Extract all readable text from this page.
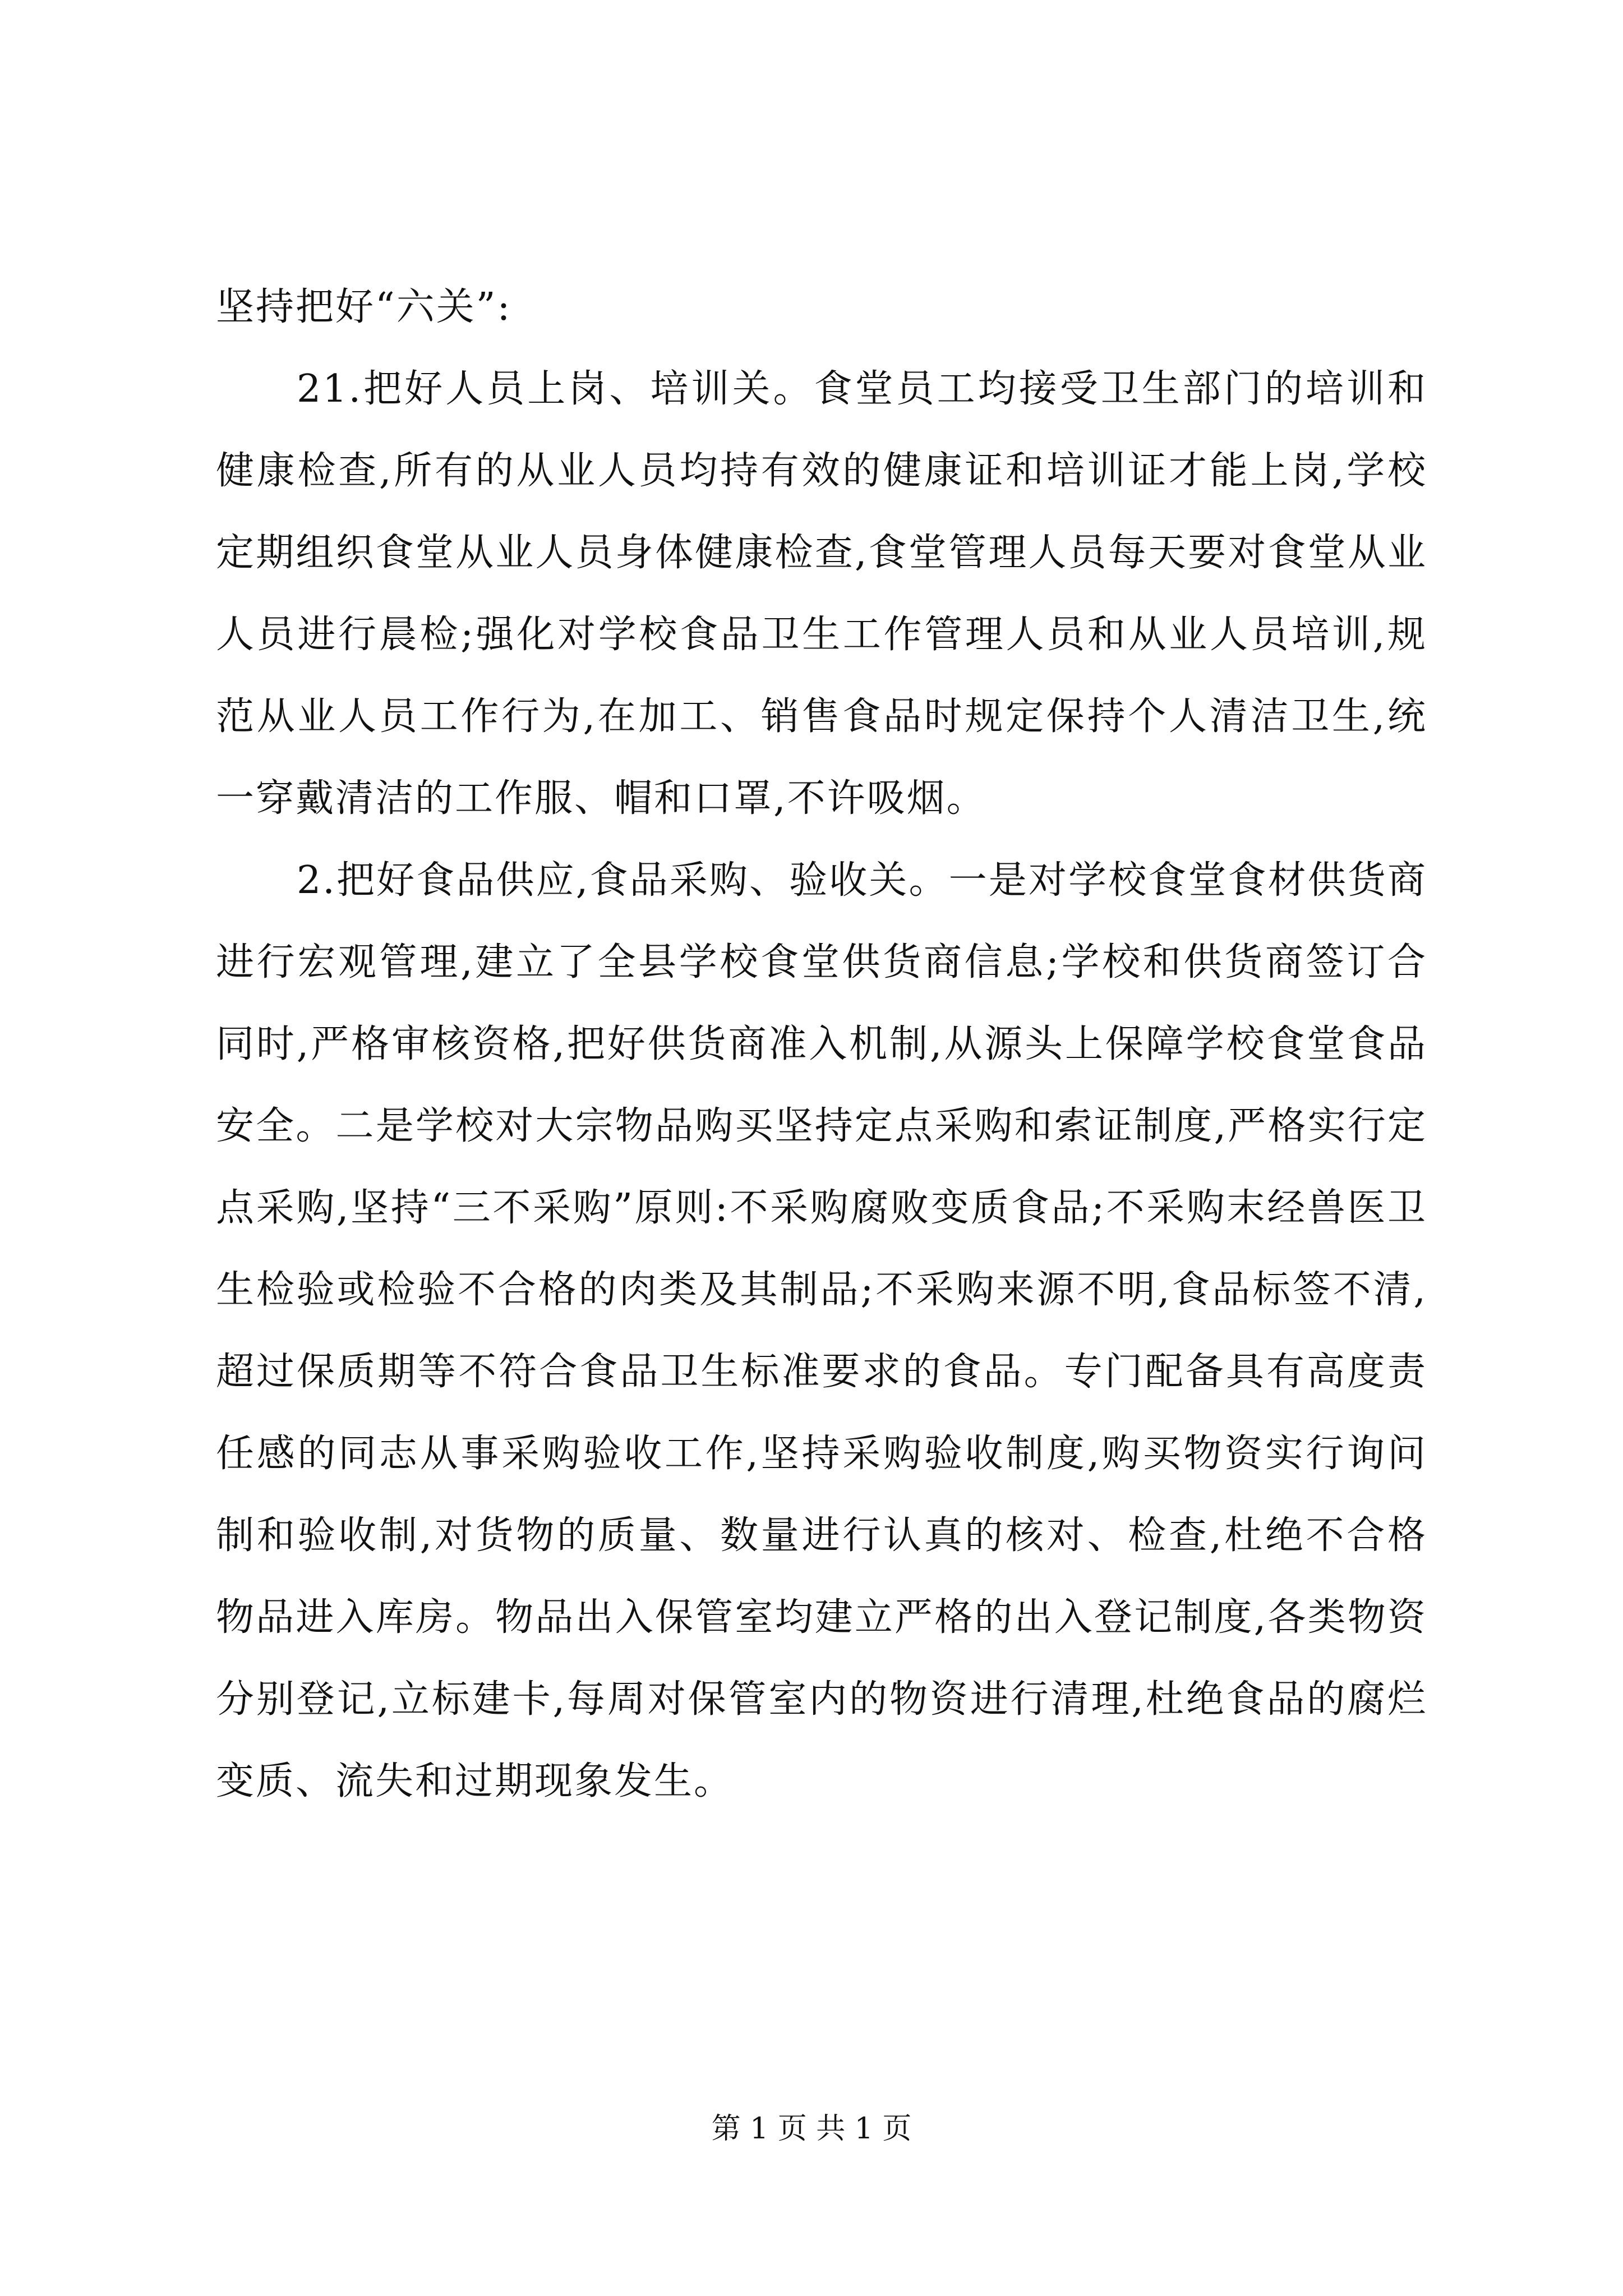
坚持把好“六关”:

21.把好人员上岗、培训关。食堂员工均接受卫生部门的培训和健康检查,所有的从业人员均持有效的健康证和培训证才能上岗,学校定期组织食堂从业人员身体健康检查,食堂管理人员每天要对食堂从业人员进行晨检;强化对学校食品卫生工作管理人员和从业人员培训,规范从业人员工作行为,在加工、销售食品时规定保持个人清洁卫生,统一穿戴清洁的工作服、帽和口罩,不许吸烟。

2.把好食品供应,食品采购、验收关。一是对学校食堂食材供货商进行宏观管理,建立了全县学校食堂供货商信息;学校和供货商签订合同时,严格审核资格,把好供货商准入机制,从源头上保障学校食堂食品安全。二是学校对大宗物品购买坚持定点采购和索证制度,严格实行定点采购,坚持“三不采购”原则:不采购腐败变质食品;不采购末经兽医卫生检验或检验不合格的肉类及其制品;不采购来源不明,食品标签不清,超过保质期等不符合食品卫生标准要求的食品。专门配备具有高度责任感的同志从事采购验收工作,坚持采购验收制度,购买物资实行询问制和验收制,对货物的质量、数量进行认真的核对、检查,杜绝不合格物品进入库房。物品出入保管室均建立严格的出入登记制度,各类物资分别登记,立标建卡,每周对保管室内的物资进行清理,杜绝食品的腐烂变质、流失和过期现象发生。

第 1 页 共 1 页
